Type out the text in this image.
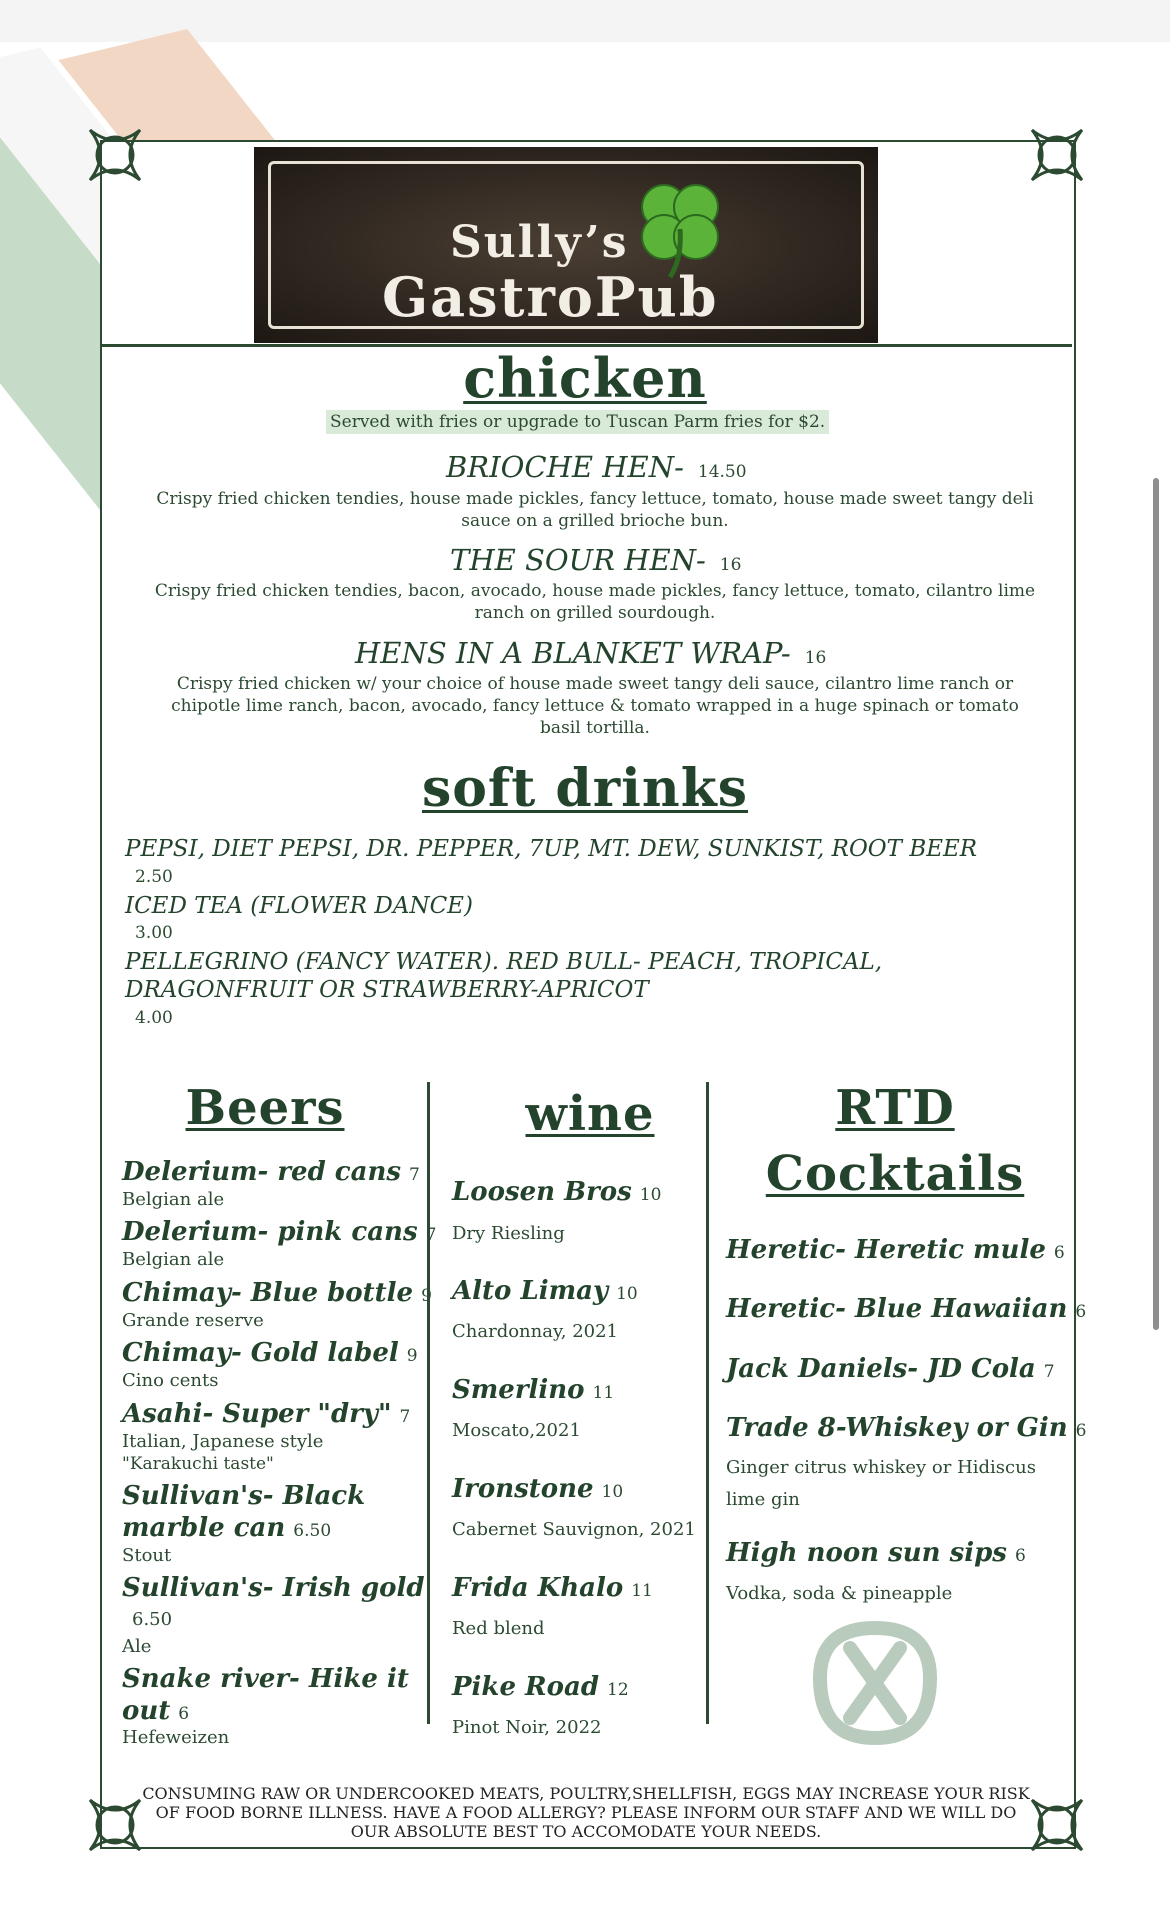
Sully’s
GastroPub
chicken
Served with fries or upgrade to Tuscan Parm fries for $2.
BRIOCHE HEN- 14.50
Crispy fried chicken tendies, house made pickles, fancy lettuce, tomato, house made sweet tangy deli sauce on a grilled brioche bun.
THE SOUR HEN- 16
Crispy fried chicken tendies, bacon, avocado, house made pickles, fancy lettuce, tomato, cilantro lime ranch on grilled sourdough.
HENS IN A BLANKET WRAP- 16
Crispy fried chicken w/ your choice of house made sweet tangy deli sauce, cilantro lime ranch or chipotle lime ranch, bacon, avocado, fancy lettuce & tomato wrapped in a huge spinach or tomato basil tortilla.
soft drinks
PEPSI, DIET PEPSI, DR. PEPPER, 7UP, MT. DEW, SUNKIST, ROOT BEER
2.50
ICED TEA (FLOWER DANCE)
3.00
PELLEGRINO (FANCY WATER). RED BULL- PEACH, TROPICAL,
DRAGONFRUIT OR STRAWBERRY-APRICOT
4.00
Beers
Delerium- red cans 7
Belgian ale
Delerium- pink cans 7
Belgian ale
Chimay- Blue bottle 9
Grande reserve
Chimay- Gold label 9
Cino cents
Asahi- Super "dry" 7
Italian, Japanese style
"Karakuchi taste"
Sullivan's- Black
marble can 6.50
Stout
Sullivan's- Irish gold
6.50
Ale
Snake river- Hike it
out 6
Hefeweizen
wine
Loosen Bros 10
Dry Riesling
Alto Limay 10
Chardonnay, 2021
Smerlino 11
Moscato,2021
Ironstone 10
Cabernet Sauvignon, 2021
Frida Khalo 11
Red blend
Pike Road 12
Pinot Noir, 2022
RTD
Cocktails
Heretic- Heretic mule 6
Heretic- Blue Hawaiian 6
Jack Daniels- JD Cola 7
Trade 8-Whiskey or Gin 6
Ginger citrus whiskey or Hidiscus
lime gin
High noon sun sips 6
Vodka, soda & pineapple
CONSUMING RAW OR UNDERCOOKED MEATS, POULTRY,SHELLFISH, EGGS MAY INCREASE YOUR RISK OF FOOD BORNE ILLNESS. HAVE A FOOD ALLERGY? PLEASE INFORM OUR STAFF AND WE WILL DO OUR ABSOLUTE BEST TO ACCOMODATE YOUR NEEDS.
